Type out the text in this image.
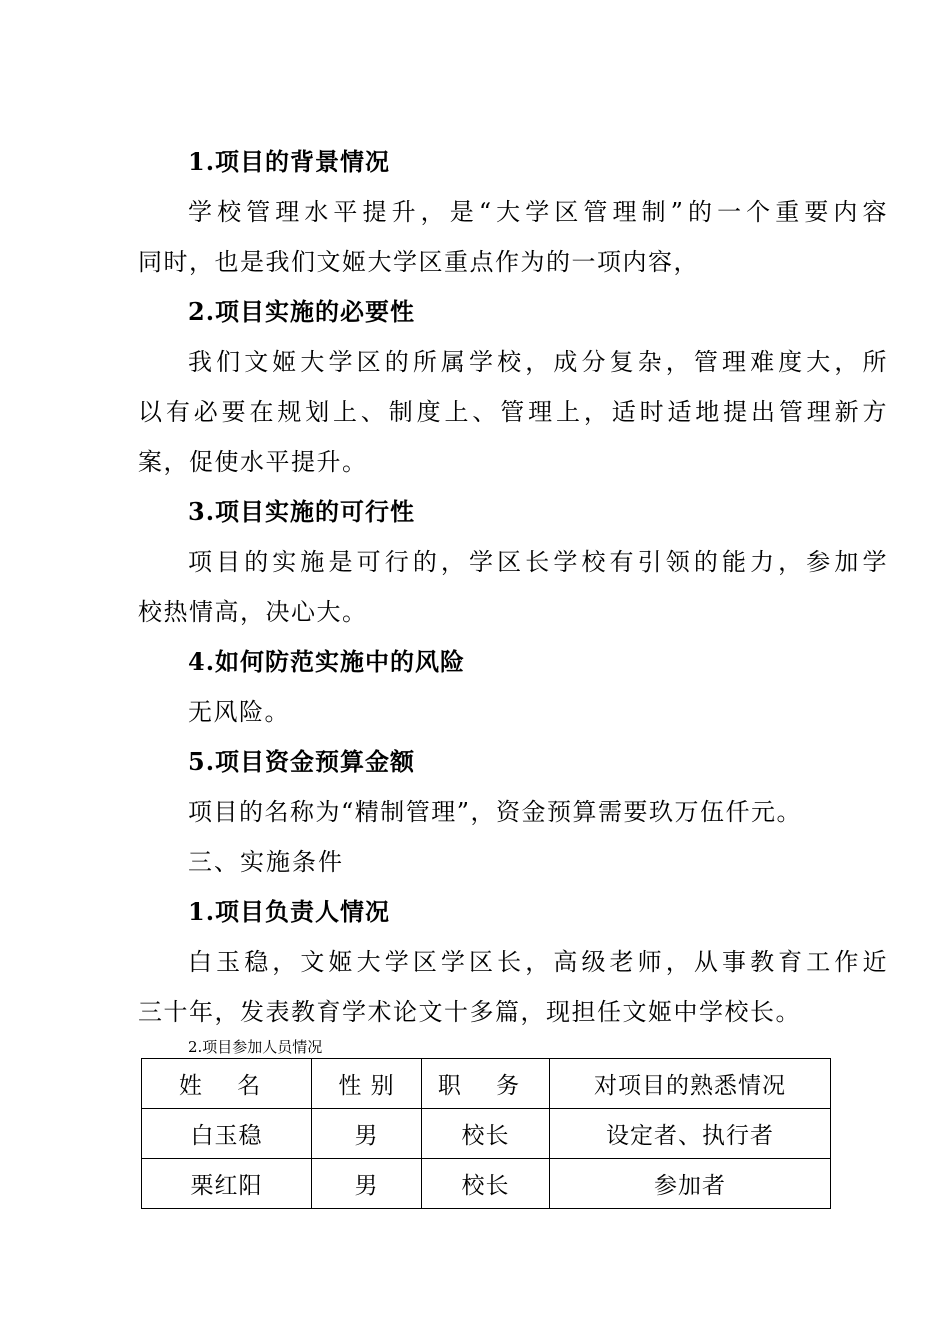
1.项目的背景情况
学校管理水平提升，是“大学区管理制”的一个重要内容
同时，也是我们文姬大学区重点作为的一项内容，
2.项目实施的必要性
我们文姬大学区的所属学校，成分复杂，管理难度大，所
以有必要在规划上、制度上、管理上，适时适地提出管理新方
案，促使水平提升。
3.项目实施的可行性
项目的实施是可行的，学区长学校有引领的能力，参加学
校热情高，决心大。
4.如何防范实施中的风险
无风险。
5.项目资金预算金额
项目的名称为“精制管理”，资金预算需要玖万伍仟元。
三、实施条件
1.项目负责人情况
白玉稳，文姬大学区学区长，高级老师，从事教育工作近
三十年，发表教育学术论文十多篇，现担任文姬中学校长。
2.项目参加人员情况
姓 名	性 别	职 务	对项目的熟悉情况
白玉稳	男	校长	设定者、执行者
栗红阳	男	校长	参加者
